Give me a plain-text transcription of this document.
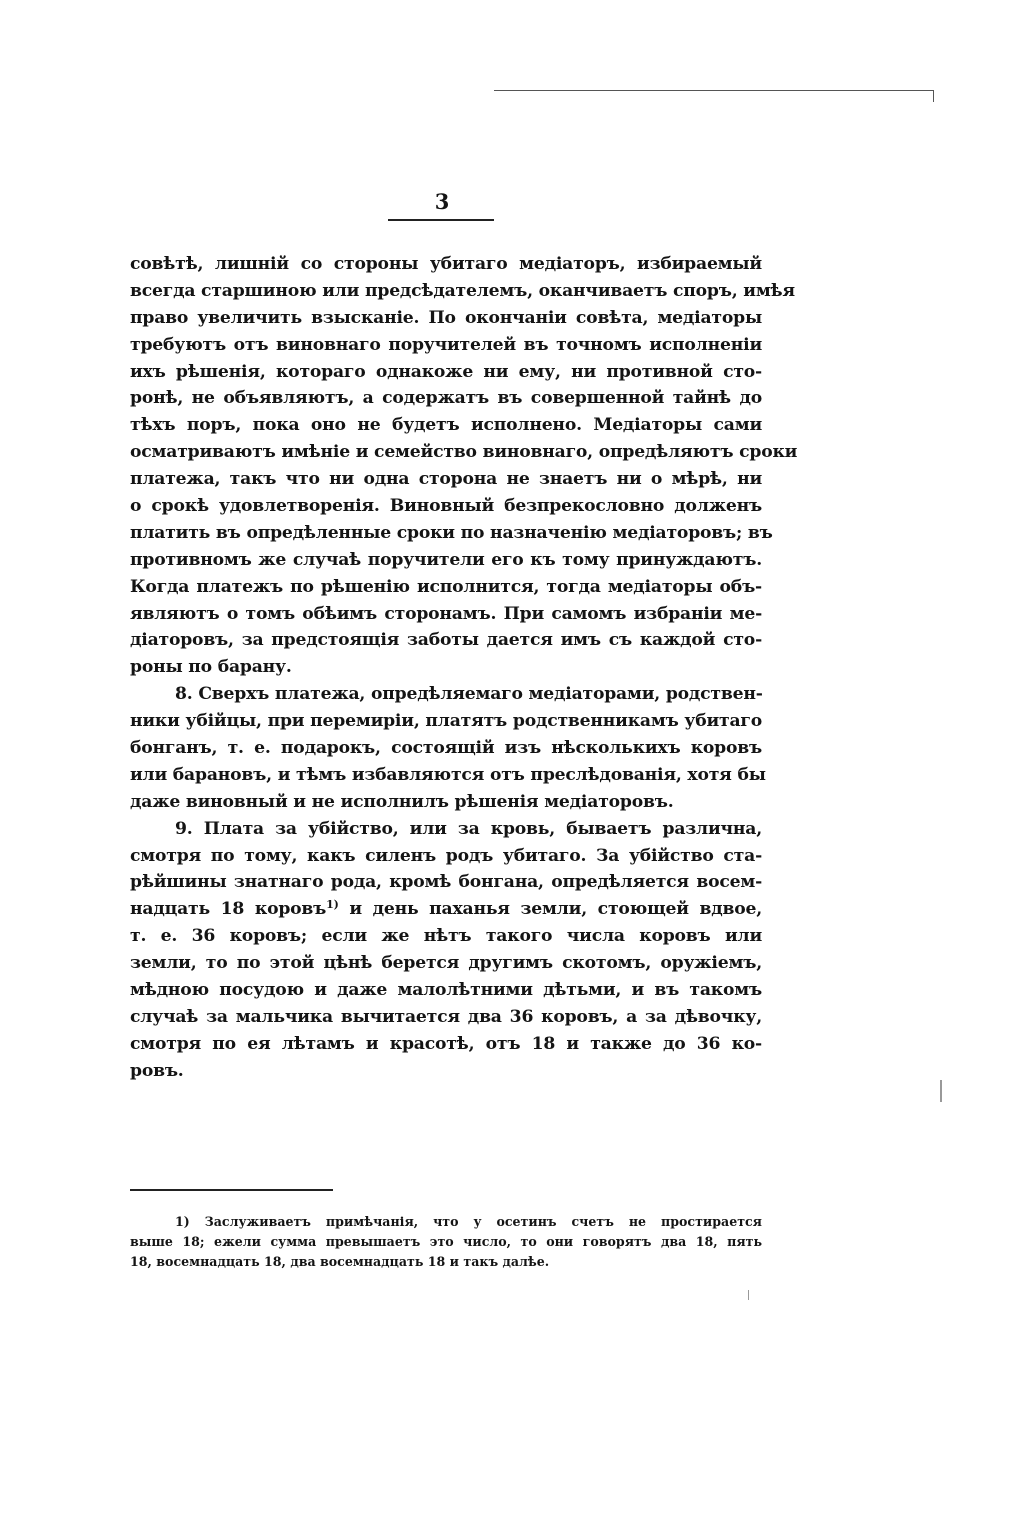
3
совѣтѣ, лишній со стороны убитаго медіаторъ, избираемый
всегда старшиною или предсѣдателемъ, оканчиваетъ споръ, имѣя
право увеличить взысканіе. По окончаніи совѣта, медіаторы
требуютъ отъ виновнаго поручителей въ точномъ исполненіи
ихъ рѣшенія, котораго однакоже ни ему, ни противной сто-
ронѣ, не объявляютъ, а содержатъ въ совершенной тайнѣ до
тѣхъ поръ, пока оно не будетъ исполнено. Медіаторы сами
осматриваютъ имѣніе и семейство виновнаго, опредѣляютъ сроки
платежа, такъ что ни одна сторона не знаетъ ни о мѣрѣ, ни
о срокѣ удовлетворенія. Виновный безпрекословно долженъ
платить въ опредѣленные сроки по назначенію медіаторовъ; въ
противномъ же случаѣ поручители его къ тому принуждаютъ.
Когда платежъ по рѣшенію исполнится, тогда медіаторы объ-
являютъ о томъ обѣимъ сторонамъ. При самомъ избраніи ме-
діаторовъ, за предстоящія заботы дается имъ съ каждой сто-
роны по барану.
8. Сверхъ платежа, опредѣляемаго медіаторами, родствен-
ники убійцы, при перемиріи, платятъ родственникамъ убитаго
бонганъ, т. е. подарокъ, состоящій изъ нѣсколькихъ коровъ
или барановъ, и тѣмъ избавляются отъ преслѣдованія, хотя бы
даже виновный и не исполнилъ рѣшенія медіаторовъ.
9. Плата за убійство, или за кровь, бываетъ различна,
смотря по тому, какъ силенъ родъ убитаго. За убійство ста-
рѣйшины знатнаго рода, кромѣ бонгана, опредѣляется восем-
надцать 18 коровъ$^{1)}$ и день паханья земли, стоющей вдвое,
т. е. 36 коровъ; если же нѣтъ такого числа коровъ или
земли, то по этой цѣнѣ берется другимъ скотомъ, оружіемъ,
мѣдною посудою и даже малолѣтними дѣтьми, и въ такомъ
случаѣ за мальчика вычитается два 36 коровъ, а за дѣвочку,
смотря по ея лѣтамъ и красотѣ, отъ 18 и также до 36 ко-
ровъ.
1) Заслуживаетъ примѣчанія, что у осетинъ счетъ не простирается
выше 18; ежели сумма превышаетъ это число, то они говорятъ два 18, пять
18, восемнадцать 18, два восемнадцать 18 и такъ далѣе.
